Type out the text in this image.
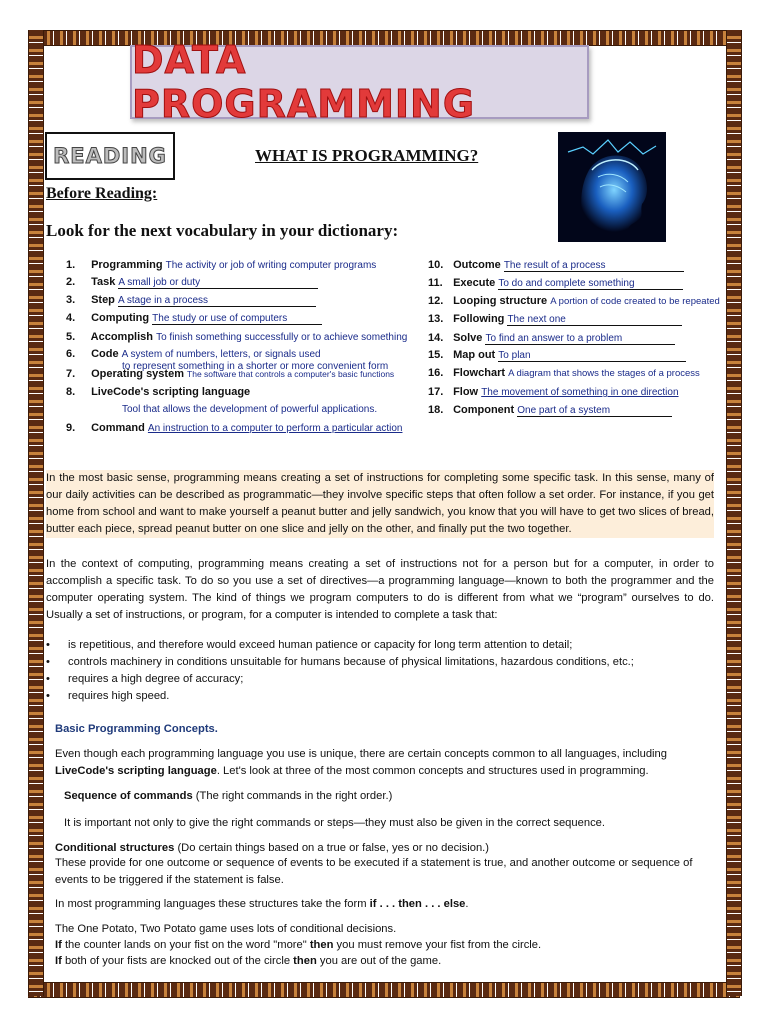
DATA PROGRAMMING
READING	WHAT IS PROGRAMMING?
Before Reading:
Look for the next vocabulary in your dictionary:
1. Programming The activity or job of writing computer programs
2. Task A small job or duty
3. Step A stage in a process
4. Computing The study or use of computers
5. Accomplish To finish something successfully or to achieve something
6. Code A system of numbers, letters, or signals used
to represent something in a shorter or more convenient form
7. Operating system The software that controls a computer's basic functions
8. LiveCode's scripting language
Tool that allows the development of powerful applications.
9. Command An instruction to a computer to perform a particular action
10. Outcome The result of a process
11. Execute To do and complete something
12. Looping structure A portion of code created to be repeated
13. Following The next one
14. Solve To find an answer to a problem
15. Map out To plan
16. Flowchart A diagram that shows the stages of a process
17. Flow The movement of something in one direction
18. Component One part of a system
In the most basic sense, programming means creating a set of instructions for completing some specific task. In this sense, many of our daily activities can be described as programmatic—they involve specific steps that often follow a set order. For instance, if you get home from school and want to make yourself a peanut butter and jelly sandwich, you know that you will have to get two slices of bread, butter each piece, spread peanut butter on one slice and jelly on the other, and finally put the two together.
In the context of computing, programming means creating a set of instructions not for a person but for a computer, in order to accomplish a specific task. To do so you use a set of directives—a programming language—known to both the programmer and the computer operating system. The kind of things we program computers to do is different from what we “program” ourselves to do. Usually a set of instructions, or program, for a computer is intended to complete a task that:
•	is repetitious, and therefore would exceed human patience or capacity for long term attention to detail;
•	controls machinery in conditions unsuitable for humans because of physical limitations, hazardous conditions, etc.;
•	requires a high degree of accuracy;
•	requires high speed.
Basic Programming Concepts.
Even though each programming language you use is unique, there are certain concepts common to all languages, including LiveCode's scripting language. Let's look at three of the most common concepts and structures used in programming.
Sequence of commands (The right commands in the right order.)
It is important not only to give the right commands or steps—they must also be given in the correct sequence.
Conditional structures (Do certain things based on a true or false, yes or no decision.)
These provide for one outcome or sequence of events to be executed if a statement is true, and another outcome or sequence of events to be triggered if the statement is false.
In most programming languages these structures take the form if . . . then . . . else.
The One Potato, Two Potato game uses lots of conditional decisions.
If the counter lands on your fist on the word "more" then you must remove your fist from the circle.
If both of your fists are knocked out of the circle then you are out of the game.
